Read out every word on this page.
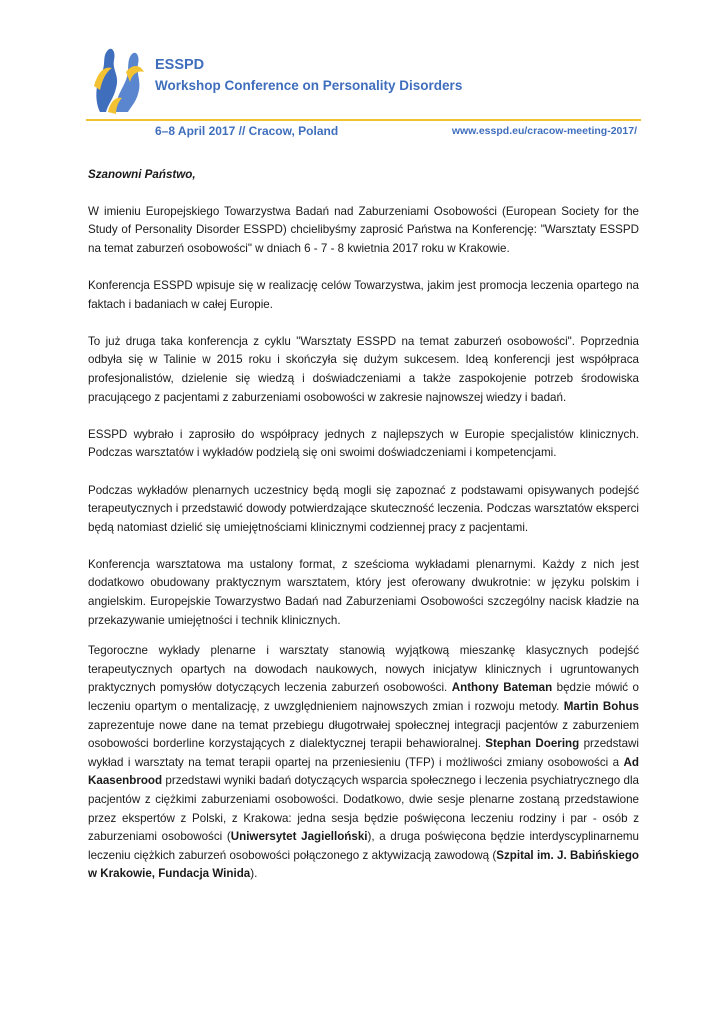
ESSPD
Workshop Conference on Personality Disorders
6–8 April 2017 // Cracow, Poland	www.esspd.eu/cracow-meeting-2017/

Szanowni Państwo,

W imieniu Europejskiego Towarzystwa Badań nad Zaburzeniami Osobowości (European Society for the Study of Personality Disorder ESSPD) chcielibyśmy zaprosić Państwa na Konferencję: "Warsztaty ESSPD na temat zaburzeń osobowości" w dniach 6 - 7 - 8 kwietnia 2017 roku w Krakowie.

Konferencja ESSPD wpisuje się w realizację celów Towarzystwa, jakim jest promocja leczenia opartego na faktach i badaniach w całej Europie.

To już druga taka konferencja z cyklu "Warsztaty ESSPD na temat zaburzeń osobowości". Poprzednia odbyła się w Talinie w 2015 roku i skończyła się dużym sukcesem. Ideą konferencji jest współpraca profesjonalistów, dzielenie się wiedzą i doświadczeniami a także zaspokojenie potrzeb środowiska pracującego z pacjentami z zaburzeniami osobowości w zakresie najnowszej wiedzy i badań.

ESSPD wybrało i zaprosiło do współpracy jednych z najlepszych w Europie specjalistów klinicznych. Podczas warsztatów i wykładów podzielą się oni swoimi doświadczeniami i kompetencjami.

Podczas wykładów plenarnych uczestnicy będą mogli się zapoznać z podstawami opisywanych podejść terapeutycznych i przedstawić dowody potwierdzające skuteczność leczenia. Podczas warsztatów eksperci będą natomiast dzielić się umiejętnościami klinicznymi codziennej pracy z pacjentami.

Konferencja warsztatowa ma ustalony format, z sześcioma wykładami plenarnymi. Każdy z nich jest dodatkowo obudowany praktycznym warsztatem, który jest oferowany dwukrotnie: w języku polskim i angielskim. Europejskie Towarzystwo Badań nad Zaburzeniami Osobowości szczególny nacisk kładzie na przekazywanie umiejętności i technik klinicznych.

Tegoroczne wykłady plenarne i warsztaty stanowią wyjątkową mieszankę klasycznych podejść terapeutycznych opartych na dowodach naukowych, nowych inicjatyw klinicznych i ugruntowanych praktycznych pomysłów dotyczących leczenia zaburzeń osobowości. Anthony Bateman będzie mówić o leczeniu opartym o mentalizację, z uwzględnieniem najnowszych zmian i rozwoju metody. Martin Bohus zaprezentuje nowe dane na temat przebiegu długotrwałej społecznej integracji pacjentów z zaburzeniem osobowości borderline korzystających z dialektycznej terapii behawioralnej. Stephan Doering przedstawi wykład i warsztaty na temat terapii opartej na przeniesieniu (TFP) i możliwości zmiany osobowości a Ad Kaasenbrood przedstawi wyniki badań dotyczących wsparcia społecznego i leczenia psychiatrycznego dla pacjentów z ciężkimi zaburzeniami osobowości. Dodatkowo, dwie sesje plenarne zostaną przedstawione przez ekspertów z Polski, z Krakowa: jedna sesja będzie poświęcona leczeniu rodziny i par - osób z zaburzeniami osobowości (Uniwersytet Jagielloński), a druga poświęcona będzie interdyscyplinarnemu leczeniu ciężkich zaburzeń osobowości połączonego z aktywizacją zawodową (Szpital im. J. Babińskiego w Krakowie, Fundacja Winida).
